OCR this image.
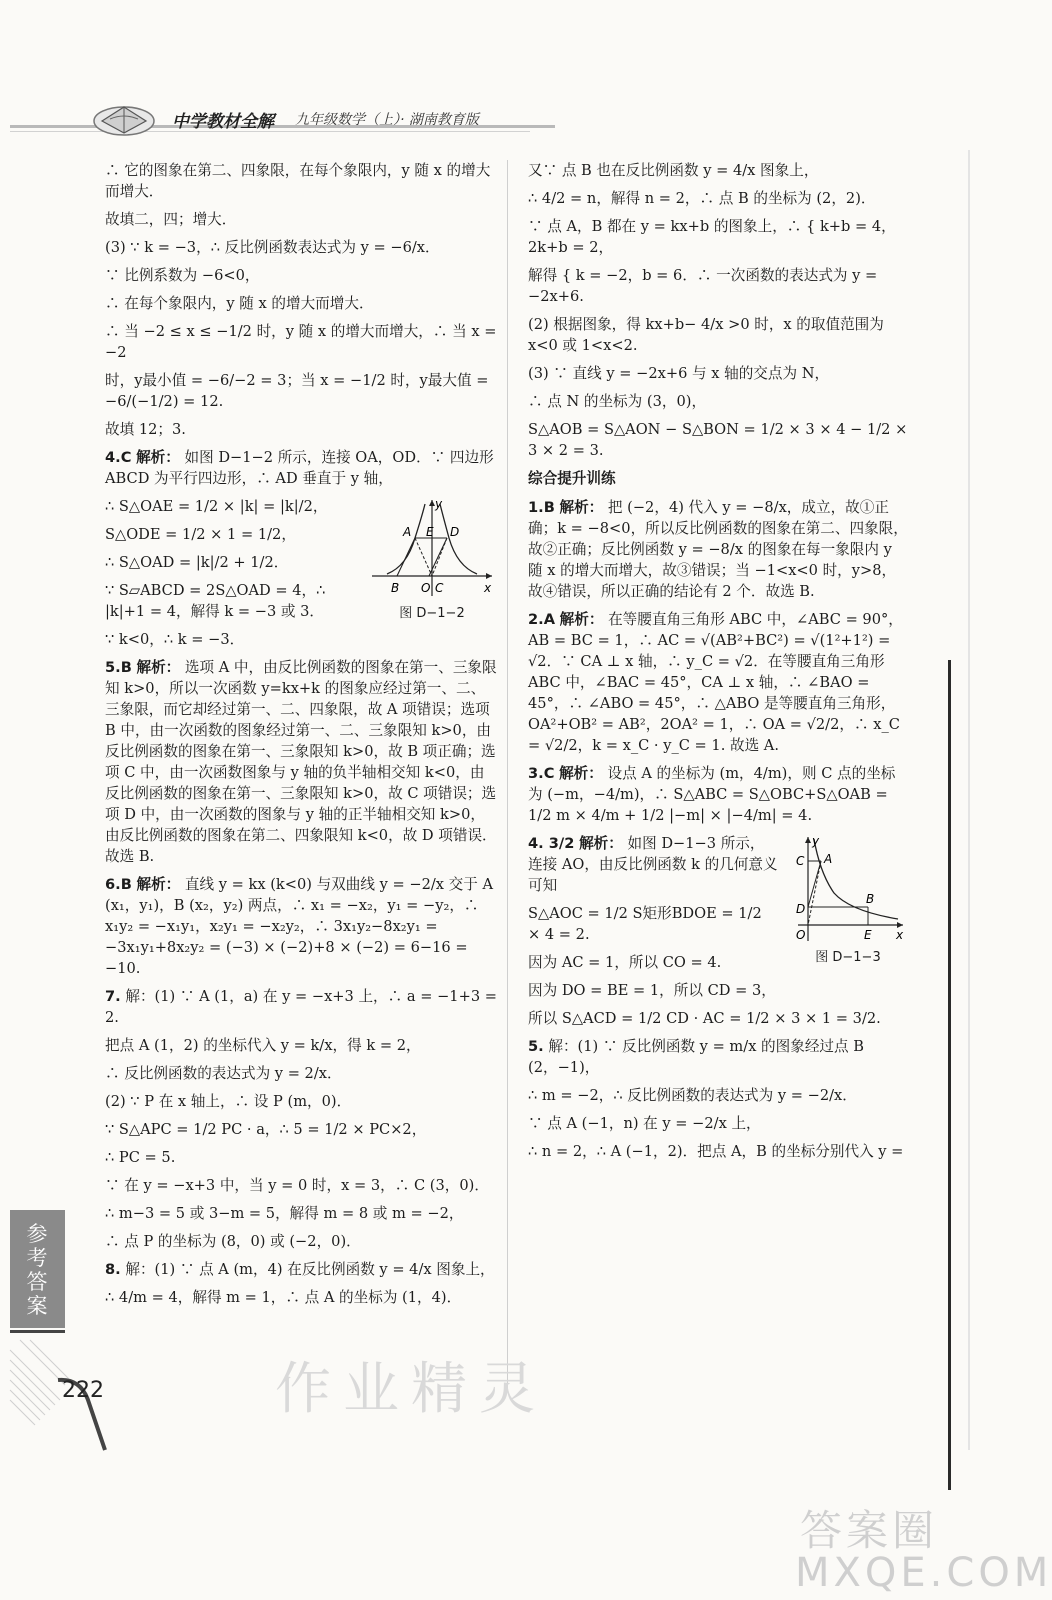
中学教材全解 九年级数学（上）· 湖南教育版

∴ 它的图象在第二、四象限，在每个象限内，y 随 x 的增大而增大．

故填二，四；增大．

(3) ∵ k = −3，∴ 反比例函数表达式为 y = −6/x．

∵ 比例系数为 −6<0，

∴ 在每个象限内，y 随 x 的增大而增大．

∴ 当 −2 ≤ x ≤ −1/2 时，y 随 x 的增大而增大，∴ 当 x = −2

时，y最小值 = −6/−2 = 3；当 x = −1/2 时，y最大值 = −6/(−1/2) = 12.

故填 12；3.

4.C 解析： 如图 D−1−2 所示，连接 OA，OD．∵ 四边形 ABCD 为平行四边形，∴ AD 垂直于 y 轴，

y
A E D
B O C	x
图 D−1−2

∴ S△OAE = 1/2 × |k| = |k|/2，

S△ODE = 1/2 × 1 = 1/2，

∴ S△OAD = |k|/2 + 1/2．

∵ S▱ABCD = 2S△OAD = 4，∴ |k|+1 = 4，解得 k = −3 或 3．

∵ k<0，∴ k = −3．

5.B 解析： 选项 A 中，由反比例函数的图象在第一、三象限知 k>0，所以一次函数 y=kx+k 的图象应经过第一、二、三象限，而它却经过第一、二、四象限，故 A 项错误；选项 B 中，由一次函数的图象经过第一、二、三象限知 k>0，由反比例函数的图象在第一、三象限知 k>0，故 B 项正确；选项 C 中，由一次函数图象与 y 轴的负半轴相交知 k<0，由反比例函数的图象在第一、三象限知 k>0，故 C 项错误；选项 D 中，由一次函数的图象与 y 轴的正半轴相交知 k>0，由反比例函数的图象在第二、四象限知 k<0，故 D 项错误．故选 B.

6.B 解析： 直线 y = kx (k<0) 与双曲线 y = −2/x 交于 A (x₁，y₁)，B (x₂，y₂) 两点，∴ x₁ = −x₂，y₁ = −y₂，∴ x₁y₂ = −x₁y₁，x₂y₁ = −x₂y₂，∴ 3x₁y₂−8x₂y₁ = −3x₁y₁+8x₂y₂ = (−3) × (−2)+8 × (−2) = 6−16 = −10.

7. 解：(1) ∵ A (1，a) 在 y = −x+3 上，∴ a = −1+3 = 2.

把点 A (1，2) 的坐标代入 y = k/x，得 k = 2，

∴ 反比例函数的表达式为 y = 2/x．

(2) ∵ P 在 x 轴上，∴ 设 P (m，0)．

∵ S△APC = 1/2 PC · a，∴ 5 = 1/2 × PC×2，

∴ PC = 5.

∵ 在 y = −x+3 中，当 y = 0 时，x = 3，∴ C (3，0)．

∴ m−3 = 5 或 3−m = 5，解得 m = 8 或 m = −2，

∴ 点 P 的坐标为 (8，0) 或 (−2，0)．

8. 解：(1) ∵ 点 A (m，4) 在反比例函数 y = 4/x 图象上，

∴ 4/m = 4，解得 m = 1，∴ 点 A 的坐标为 (1，4)．

又∵ 点 B 也在反比例函数 y = 4/x 图象上，

∴ 4/2 = n，解得 n = 2，∴ 点 B 的坐标为 (2，2)．

∵ 点 A，B 都在 y = kx+b 的图象上，∴ { k+b = 4，2k+b = 2，

解得 { k = −2，b = 6．∴ 一次函数的表达式为 y = −2x+6.

(2) 根据图象，得 kx+b− 4/x >0 时，x 的取值范围为 x<0 或 1<x<2.

(3) ∵ 直线 y = −2x+6 与 x 轴的交点为 N，

∴ 点 N 的坐标为 (3，0)，

S△AOB = S△AON − S△BON = 1/2 × 3 × 4 − 1/2 × 3 × 2 = 3.

综合提升训练

1.B 解析： 把 (−2，4) 代入 y = −8/x，成立，故①正确；k = −8<0，所以反比例函数的图象在第二、四象限，故②正确；反比例函数 y = −8/x 的图象在每一象限内 y 随 x 的增大而增大，故③错误；当 −1<x<0 时，y>8，故④错误，所以正确的结论有 2 个．故选 B.

2.A 解析： 在等腰直角三角形 ABC 中，∠ABC = 90°，AB = BC = 1，∴ AC = √(AB²+BC²) = √(1²+1²) = √2．∵ CA ⊥ x 轴，∴ y_C = √2．在等腰直角三角形 ABC 中，∠BAC = 45°，CA ⊥ x 轴，∴ ∠BAO = 45°，∴ ∠ABO = 45°，∴ △ABO 是等腰直角三角形，OA²+OB² = AB²，2OA² = 1，∴ OA = √2/2，∴ x_C = √2/2，k = x_C · y_C = 1. 故选 A.

3.C 解析： 设点 A 的坐标为 (m，4/m)，则 C 点的坐标为 (−m，−4/m)，∴ S△ABC = S△OBC+S△OAB = 1/2 m × 4/m + 1/2 |−m| × |−4/m| = 4.

y
C A
D
B
O	E x
图 D−1−3

4. 3/2 解析： 如图 D−1−3 所示，连接 AO，由反比例函数 k 的几何意义可知

S△AOC = 1/2 S矩形BDOE = 1/2 × 4 = 2.

因为 AC = 1，所以 CO = 4.

因为 DO = BE = 1，所以 CD = 3，

所以 S△ACD = 1/2 CD · AC = 1/2 × 3 × 1 = 3/2.

5. 解：(1) ∵ 反比例函数 y = m/x 的图象经过点 B (2，−1)，

∴ m = −2，∴ 反比例函数的表达式为 y = −2/x．

∵ 点 A (−1，n) 在 y = −2/x 上，

∴ n = 2，∴ A (−1，2)．把点 A，B 的坐标分别代入 y =

参考答案
222	作业精灵
答案圈
MXQE.COM
